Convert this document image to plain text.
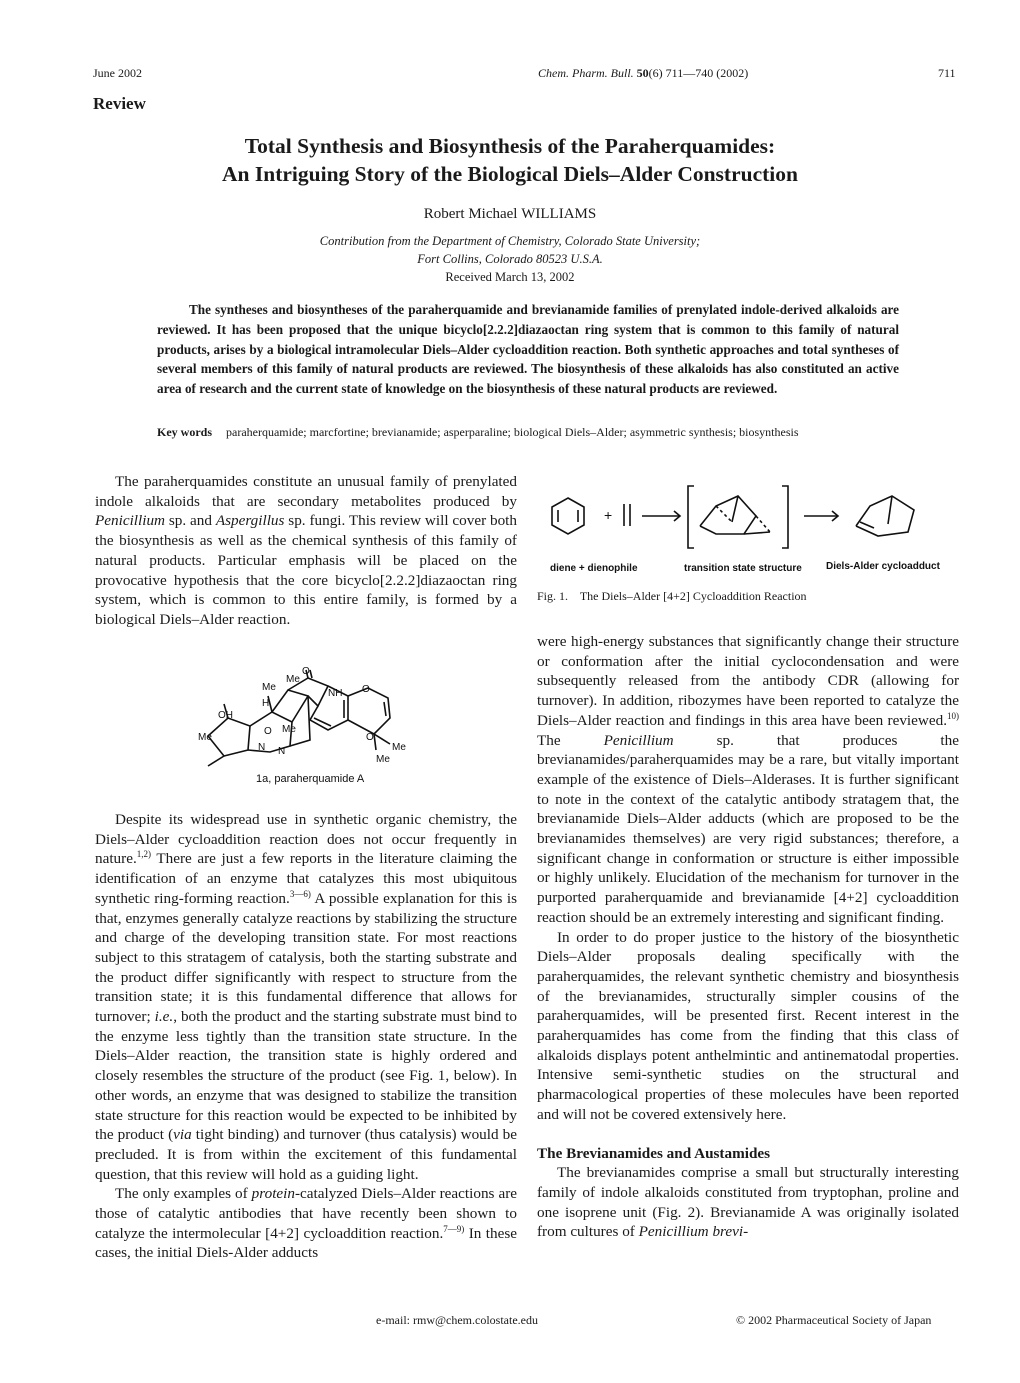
June 2002	Chem. Pharm. Bull. 50(6) 711—740 (2002)	711
Review
Total Synthesis and Biosynthesis of the Paraherquamides:
An Intriguing Story of the Biological Diels–Alder Construction
Robert Michael WILLIAMS
Contribution from the Department of Chemistry, Colorado State University;
Fort Collins, Colorado 80523 U.S.A.
Received March 13, 2002
The syntheses and biosyntheses of the paraherquamide and brevianamide families of prenylated indole-derived alkaloids are reviewed. It has been proposed that the unique bicyclo[2.2.2]diazaoctan ring system that is common to this family of natural products, arises by a biological intramolecular Diels–Alder cycloaddition reaction. Both synthetic approaches and total syntheses of several members of this family of natural products are reviewed. The biosynthesis of these alkaloids has also constituted an active area of research and the current state of knowledge on the biosynthesis of these natural products are reviewed.
Key words paraherquamide; marcfortine; brevianamide; asperparaline; biological Diels–Alder; asymmetric synthesis; biosynthesis

The paraherquamides constitute an unusual family of prenylated indole alkaloids that are secondary metabolites produced by Penicillium sp. and Aspergillus sp. fungi. This review will cover both the biosynthesis as well as the chemical synthesis of this family of natural products. Particular emphasis will be placed on the provocative hypothesis that the core bicyclo[2.2.2]diazaoctan ring system, which is common to this entire family, is formed by a biological Diels–Alder reaction.

Me
Me
O
NH
H
OH
Me
O Me
N N
O
Me
Me
O
1a, paraherquamide A

Despite its widespread use in synthetic organic chemistry, the Diels–Alder cycloaddition reaction does not occur frequently in nature.$^{1,2)}$ There are just a few reports in the literature claiming the identification of an enzyme that catalyzes this most ubiquitous synthetic ring-forming reaction.$^{3—6)}$ A possible explanation for this is that, enzymes generally catalyze reactions by stabilizing the structure and charge of the developing transition state. For most reactions subject to this stratagem of catalysis, both the starting substrate and the product differ significantly with respect to structure from the transition state; it is this fundamental difference that allows for turnover; i.e., both the product and the starting substrate must bind to the enzyme less tightly than the transition state structure. In the Diels–Alder reaction, the transition state is highly ordered and closely resembles the structure of the product (see Fig. 1, below). In other words, an enzyme that was designed to stabilize the transition state structure for this reaction would be expected to be inhibited by the product (via tight binding) and turnover (thus catalysis) would be precluded. It is from within the excitement of this fundamental question, that this review will hold as a guiding light.

The only examples of protein-catalyzed Diels–Alder reactions are those of catalytic antibodies that have recently been shown to catalyze the intermolecular [4+2] cycloaddition reaction.$^{7—9)}$ In these cases, the initial Diels-Alder adducts

+
diene + dienophile	transition state structure Diels-Alder cycloadduct
Fig. 1. The Diels–Alder [4+2] Cycloaddition Reaction

were high-energy substances that significantly change their structure or conformation after the initial cyclocondensation and were subsequently released from the antibody CDR (allowing for turnover). In addition, ribozymes have been reported to catalyze the Diels–Alder reaction and findings in this area have been reviewed.$^{10)}$ The Penicillium sp. that produces the brevianamides/paraherquamides may be a rare, but vitally important example of the existence of Diels–Alderases. It is further significant to note in the context of the catalytic antibody stratagem that, the brevianamide Diels–Alder adducts (which are proposed to be the brevianamides themselves) are very rigid substances; therefore, a significant change in conformation or structure is either impossible or highly unlikely. Elucidation of the mechanism for turnover in the purported paraherquamide and brevianamide [4+2] cycloaddition reaction should be an extremely interesting and significant finding.

In order to do proper justice to the history of the biosynthetic Diels–Alder proposals dealing specifically with the paraherquamides, the relevant synthetic chemistry and biosynthesis of the brevianamides, structurally simpler cousins of the paraherquamides, will be presented first. Recent interest in the paraherquamides has come from the finding that this class of alkaloids displays potent anthelmintic and antinematodal properties. Intensive semi-synthetic studies on the structural and pharmacological properties of these molecules have been reported and will not be covered extensively here.

The Brevianamides and Austamides

The brevianamides comprise a small but structurally interesting family of indole alkaloids constituted from tryptophan, proline and one isoprene unit (Fig. 2). Brevianamide A was originally isolated from cultures of Penicillium brevi-

e-mail: rmw@chem.colostate.edu	© 2002 Pharmaceutical Society of Japan
